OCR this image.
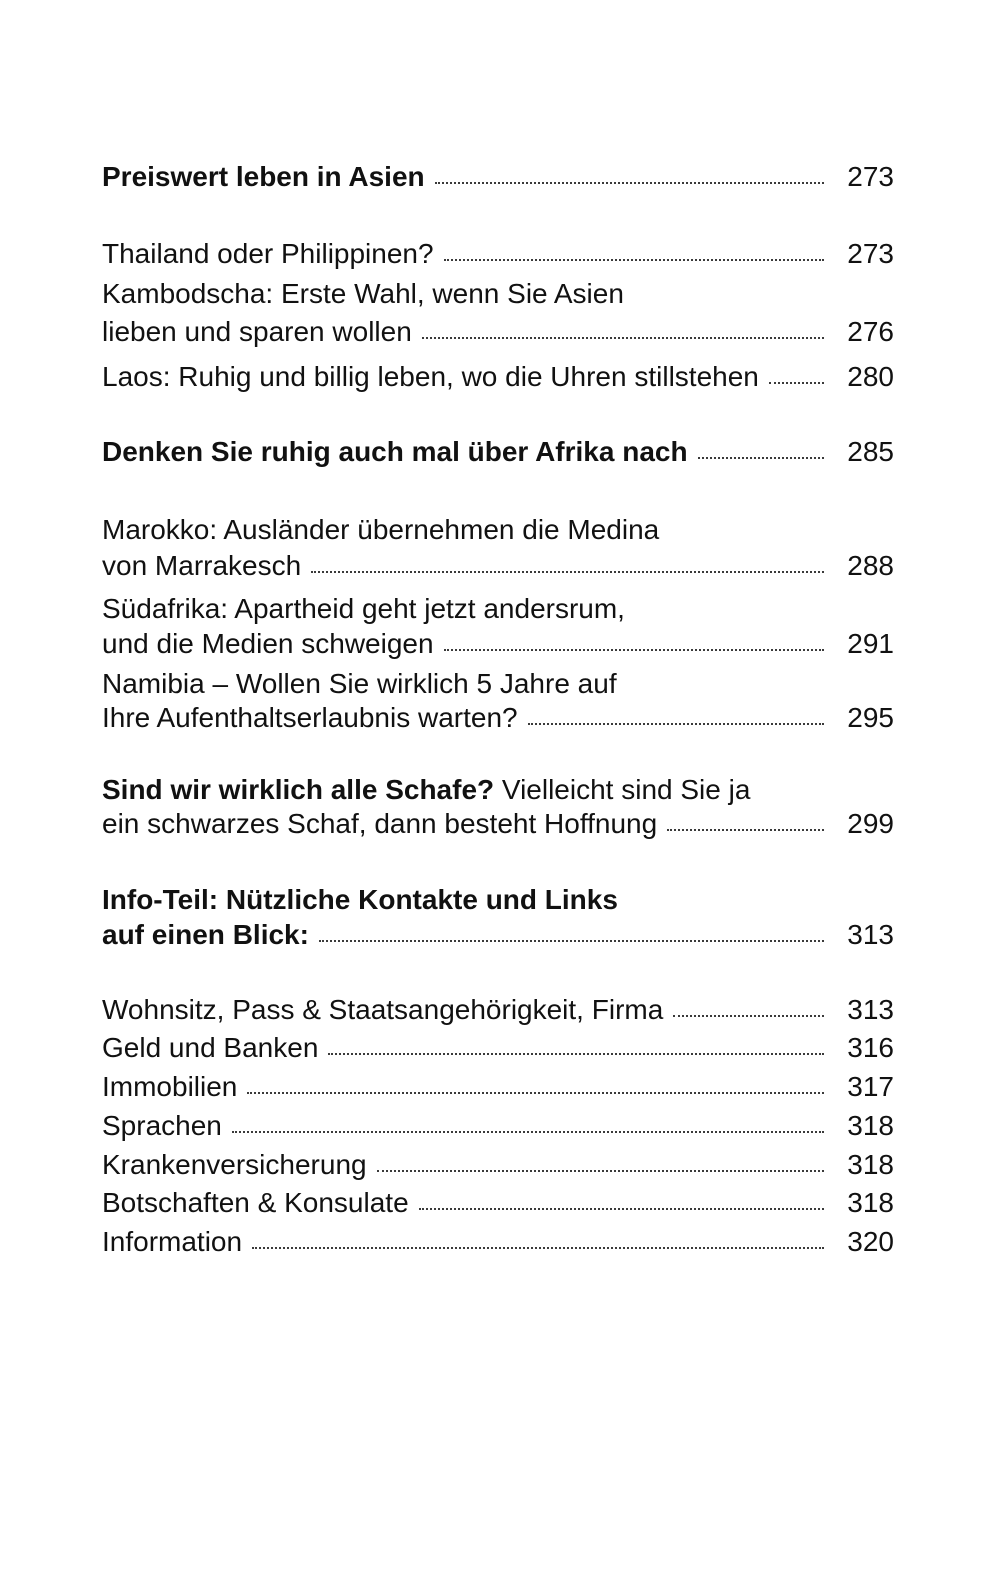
Preiswert leben in Asien	273
Thailand oder Philippinen?	273
Kambodscha: Erste Wahl, wenn Sie Asien
lieben und sparen wollen	276
Laos: Ruhig und billig leben, wo die Uhren stillstehen	280
Denken Sie ruhig auch mal über Afrika nach	285
Marokko: Ausländer übernehmen die Medina
von Marrakesch	288
Südafrika: Apartheid geht jetzt andersrum,
und die Medien schweigen	291
Namibia – Wollen Sie wirklich 5 Jahre auf
Ihre Aufenthaltserlaubnis warten?	295
Sind wir wirklich alle Schafe? Vielleicht sind Sie ja
ein schwarzes Schaf, dann besteht Hoffnung	299
Info-Teil: Nützliche Kontakte und Links
auf einen Blick:	313
Wohnsitz, Pass & Staatsangehörigkeit, Firma	313
Geld und Banken	316
Immobilien	317
Sprachen	318
Krankenversicherung	318
Botschaften & Konsulate	318
Information	320
